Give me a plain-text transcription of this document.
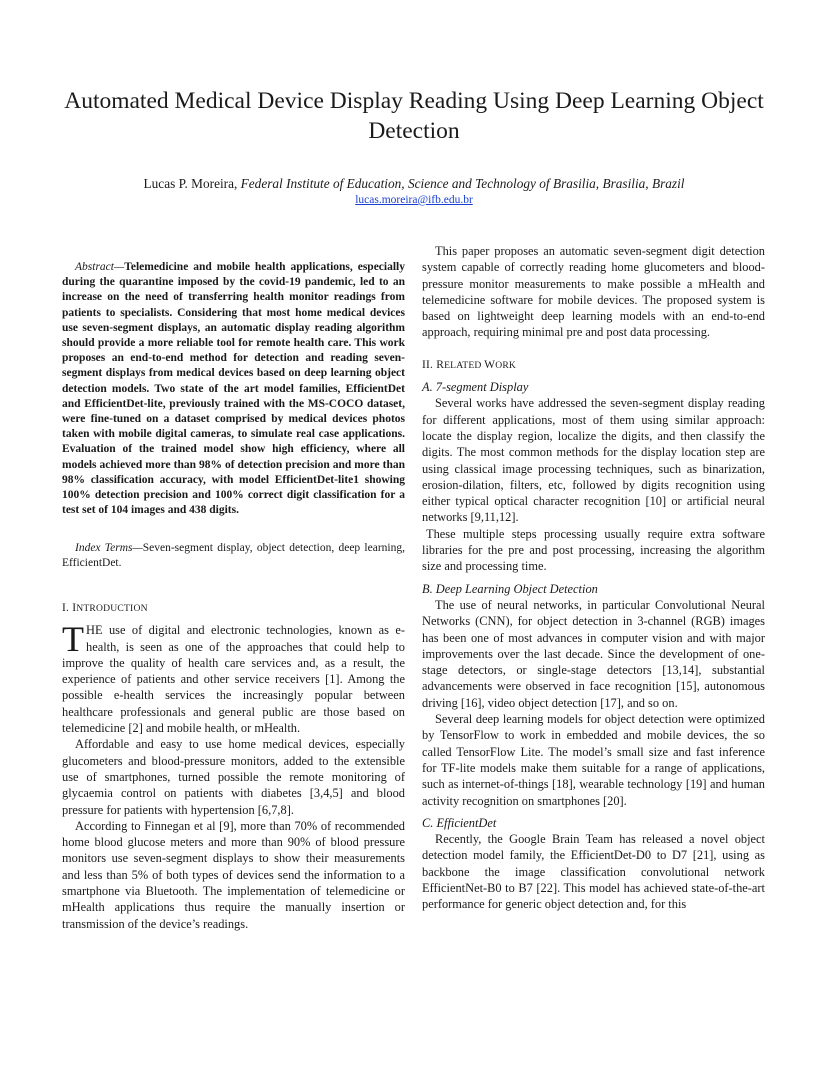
Automated Medical Device Display Reading Using Deep Learning Object Detection
Lucas P. Moreira, Federal Institute of Education, Science and Technology of Brasilia, Brasilia, Brazil
lucas.moreira@ifb.edu.br

Abstract—Telemedicine and mobile health applications, especially during the quarantine imposed by the covid-19 pandemic, led to an increase on the need of transferring health monitor readings from patients to specialists. Considering that most home medical devices use seven-segment displays, an automatic display reading algorithm should provide a more reliable tool for remote health care. This work proposes an end-to-end method for detection and reading seven-segment displays from medical devices based on deep learning object detection models. Two state of the art model families, EfficientDet and EfficientDet-lite, previously trained with the MS-COCO dataset, were fine-tuned on a dataset comprised by medical devices photos taken with mobile digital cameras, to simulate real case applications. Evaluation of the trained model show high efficiency, where all models achieved more than 98% of detection precision and more than 98% classification accuracy, with model EfficientDet-lite1 showing 100% detection precision and 100% correct digit classification for a test set of 104 images and 438 digits.

Index Terms—Seven-segment display, object detection, deep learning, EfficientDet.

I. INTRODUCTION

THE use of digital and electronic technologies, known as e-health, is seen as one of the approaches that could help to improve the quality of health care services and, as a result, the experience of patients and other service receivers [1]. Among the possible e-health services the increasingly popular between healthcare professionals and general public are those based on telemedicine [2] and mobile health, or mHealth.

Affordable and easy to use home medical devices, especially glucometers and blood-pressure monitors, added to the extensible use of smartphones, turned possible the remote monitoring of glycaemia control on patients with diabetes [3,4,5] and blood pressure for patients with hypertension [6,7,8].

According to Finnegan et al [9], more than 70% of recommended home blood glucose meters and more than 90% of blood pressure monitors use seven-segment displays to show their measurements and less than 5% of both types of devices send the information to a smartphone via Bluetooth. The implementation of telemedicine or mHealth applications thus require the manually insertion or transmission of the device’s readings.

This paper proposes an automatic seven-segment digit detection system capable of correctly reading home glucometers and blood-pressure monitor measurements to make possible a mHealth and telemedicine software for mobile devices. The proposed system is based on lightweight deep learning models with an end-to-end approach, requiring minimal pre and post data processing.

II. RELATED WORK

A. 7-segment Display

Several works have addressed the seven-segment display reading for different applications, most of them using similar approach: locate the display region, localize the digits, and then classify the digits. The most common methods for the display location step are using classical image processing techniques, such as binarization, erosion-dilation, filters, etc, followed by digits recognition using either typical optical character recognition [10] or artificial neural networks [9,11,12].

These multiple steps processing usually require extra software libraries for the pre and post processing, increasing the algorithm size and processing time.

B. Deep Learning Object Detection

The use of neural networks, in particular Convolutional Neural Networks (CNN), for object detection in 3-channel (RGB) images has been one of most advances in computer vision and with major improvements over the last decade. Since the development of one-stage detectors, or single-stage detectors [13,14], substantial advancements were observed in face recognition [15], autonomous driving [16], video object detection [17], and so on.

Several deep learning models for object detection were optimized by TensorFlow to work in embedded and mobile devices, the so called TensorFlow Lite. The model’s small size and fast inference for TF-lite models make them suitable for a range of applications, such as internet-of-things [18], wearable technology [19] and human activity recognition on smartphones [20].

C. EfficientDet

Recently, the Google Brain Team has released a novel object detection model family, the EfficientDet-D0 to D7 [21], using as backbone the image classification convolutional network EfficientNet-B0 to B7 [22]. This model has achieved state-of-the-art performance for generic object detection and, for this
